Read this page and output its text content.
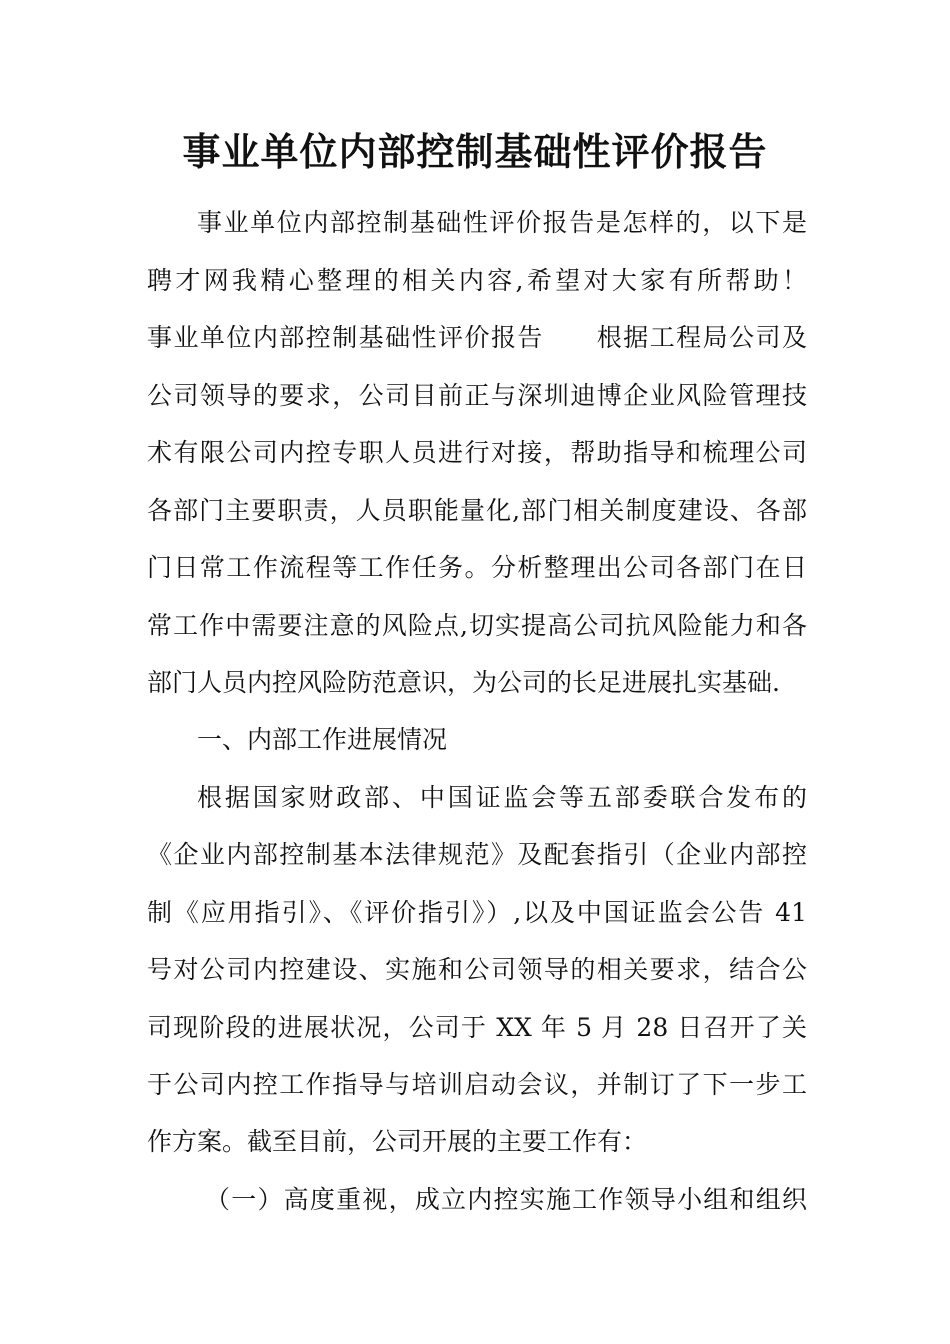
事业单位内部控制基础性评价报告

事业单位内部控制基础性评价报告是怎样的，以下是

聘才网我精心整理的相关内容,希望对大家有所帮助！

事业单位内部控制基础性评价报告　　根据工程局公司及

公司领导的要求，公司目前正与深圳迪博企业风险管理技

术有限公司内控专职人员进行对接，帮助指导和梳理公司

各部门主要职责，人员职能量化,部门相关制度建设、各部

门日常工作流程等工作任务。分析整理出公司各部门在日

常工作中需要注意的风险点,切实提高公司抗风险能力和各

部门人员内控风险防范意识，为公司的长足进展扎实基础.

一、内部工作进展情况

根据国家财政部、中国证监会等五部委联合发布的

《企业内部控制基本法律规范》及配套指引（企业内部控

制《应用指引》、《评价指引》）,以及中国证监会公告 41

号对公司内控建设、实施和公司领导的相关要求，结合公

司现阶段的进展状况，公司于 XX 年 5 月 28 日召开了关

于公司内控工作指导与培训启动会议，并制订了下一步工

作方案。截至目前，公司开展的主要工作有：

（一）高度重视，成立内控实施工作领导小组和组织
